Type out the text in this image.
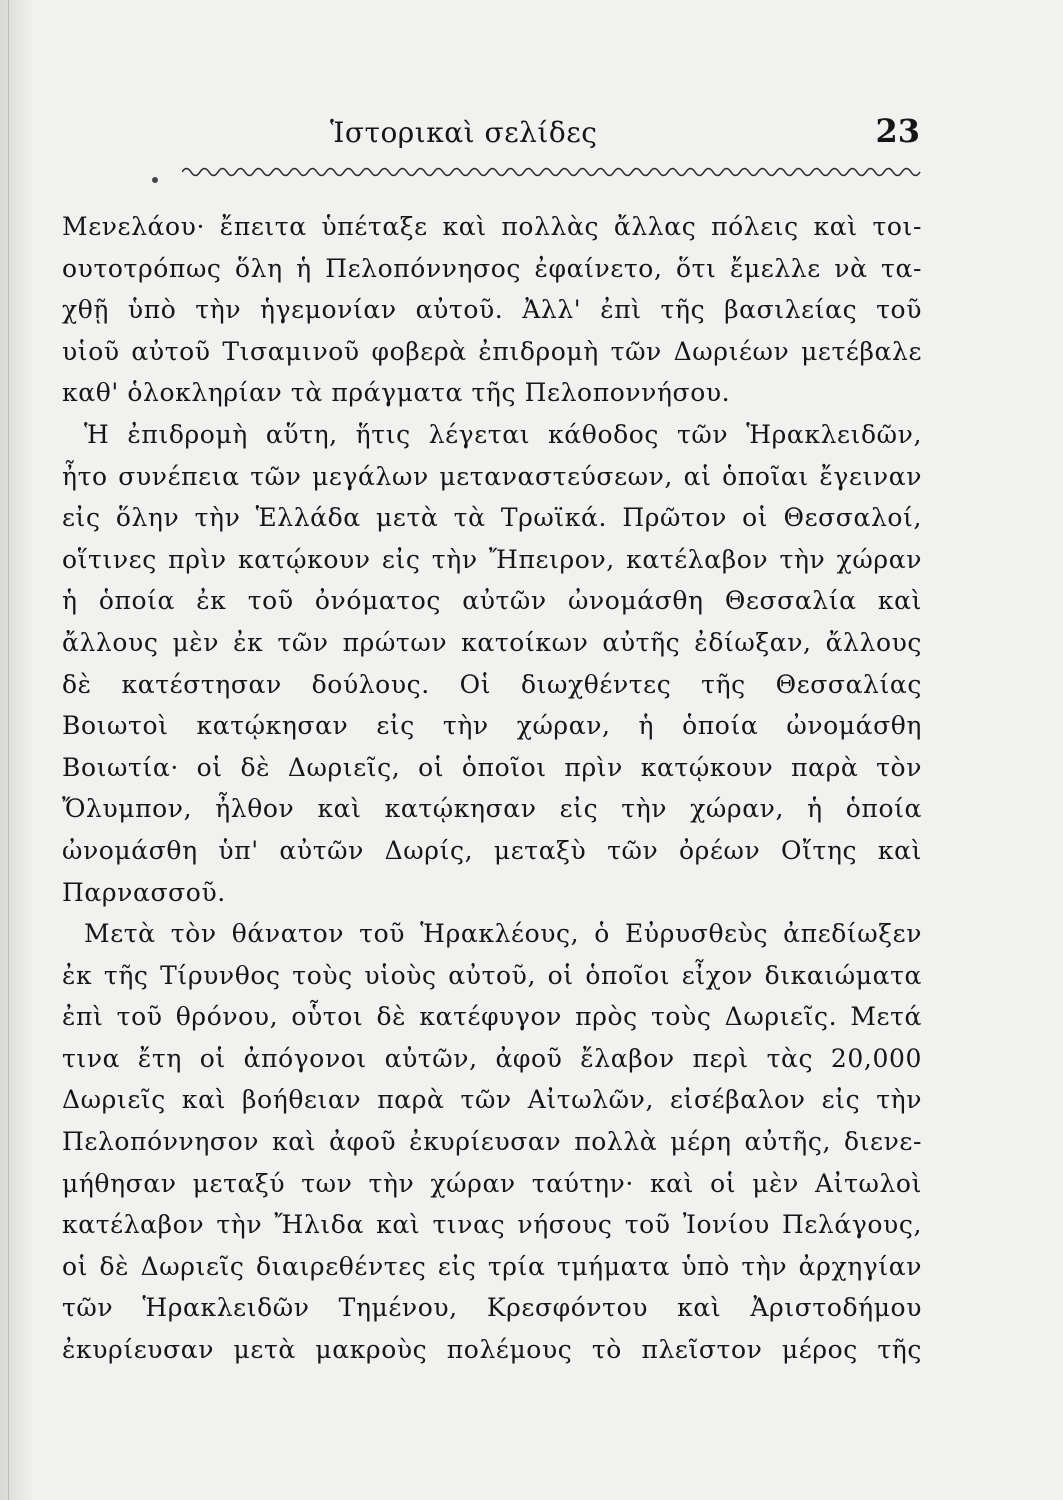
Ἱστορικαὶ σελίδες	23
Μενελάου· ἔπειτα ὑπέταξε καὶ πολλὰς ἄλλας πόλεις καὶ τοι-
ουτοτρόπως ὅλη ἡ Πελοπόννησος ἐφαίνετο, ὅτι ἔμελλε νὰ τα-
χθῇ ὑπὸ τὴν ἡγεμονίαν αὐτοῦ. Ἀλλ' ἐπὶ τῆς βασιλείας τοῦ
υἱοῦ αὐτοῦ Τισαμινοῦ φοβερὰ ἐπιδρομὴ τῶν Δωριέων μετέβαλε
καθ' ὁλοκληρίαν τὰ πράγματα τῆς Πελοποννήσου.
Ἡ ἐπιδρομὴ αὕτη, ἥτις λέγεται κάθοδος τῶν Ἡρακλειδῶν,
ἦτο συνέπεια τῶν μεγάλων μεταναστεύσεων, αἱ ὁποῖαι ἔγειναν
εἰς ὅλην τὴν Ἑλλάδα μετὰ τὰ Τρωϊκά. Πρῶτον οἱ Θεσσαλοί,
οἵτινες πρὶν κατῴκουν εἰς τὴν Ἤπειρον, κατέλαβον τὴν χώραν
ἡ ὁποία ἐκ τοῦ ὀνόματος αὐτῶν ὠνομάσθη Θεσσαλία καὶ
ἄλλους μὲν ἐκ τῶν πρώτων κατοίκων αὐτῆς ἐδίωξαν, ἄλλους
δὲ κατέστησαν δούλους. Οἱ διωχθέντες τῆς Θεσσαλίας
Βοιωτοὶ κατῴκησαν εἰς τὴν χώραν, ἡ ὁποία ὠνομάσθη
Βοιωτία· οἱ δὲ Δωριεῖς, οἱ ὁποῖοι πρὶν κατῴκουν παρὰ τὸν
Ὄλυμπον, ἦλθον καὶ κατῴκησαν εἰς τὴν χώραν, ἡ ὁποία
ὠνομάσθη ὑπ' αὐτῶν Δωρίς, μεταξὺ τῶν ὀρέων Οἴτης καὶ
Παρνασσοῦ.
Μετὰ τὸν θάνατον τοῦ Ἡρακλέους, ὁ Εὐρυσθεὺς ἀπεδίωξεν
ἐκ τῆς Τίρυνθος τοὺς υἱοὺς αὐτοῦ, οἱ ὁποῖοι εἶχον δικαιώματα
ἐπὶ τοῦ θρόνου, οὗτοι δὲ κατέφυγον πρὸς τοὺς Δωριεῖς. Μετά
τινα ἔτη οἱ ἀπόγονοι αὐτῶν, ἀφοῦ ἔλαβον περὶ τὰς 20,000
Δωριεῖς καὶ βοήθειαν παρὰ τῶν Αἰτωλῶν, εἰσέβαλον εἰς τὴν
Πελοπόννησον καὶ ἀφοῦ ἐκυρίευσαν πολλὰ μέρη αὐτῆς, διενε-
μήθησαν μεταξύ των τὴν χώραν ταύτην· καὶ οἱ μὲν Αἰτωλοὶ
κατέλαβον τὴν Ἤλιδα καὶ τινας νήσους τοῦ Ἰονίου Πελάγους,
οἱ δὲ Δωριεῖς διαιρεθέντες εἰς τρία τμήματα ὑπὸ τὴν ἀρχηγίαν
τῶν Ἡρακλειδῶν Τημένου, Κρεσφόντου καὶ Ἀριστοδήμου
ἐκυρίευσαν μετὰ μακροὺς πολέμους τὸ πλεῖστον μέρος τῆς
